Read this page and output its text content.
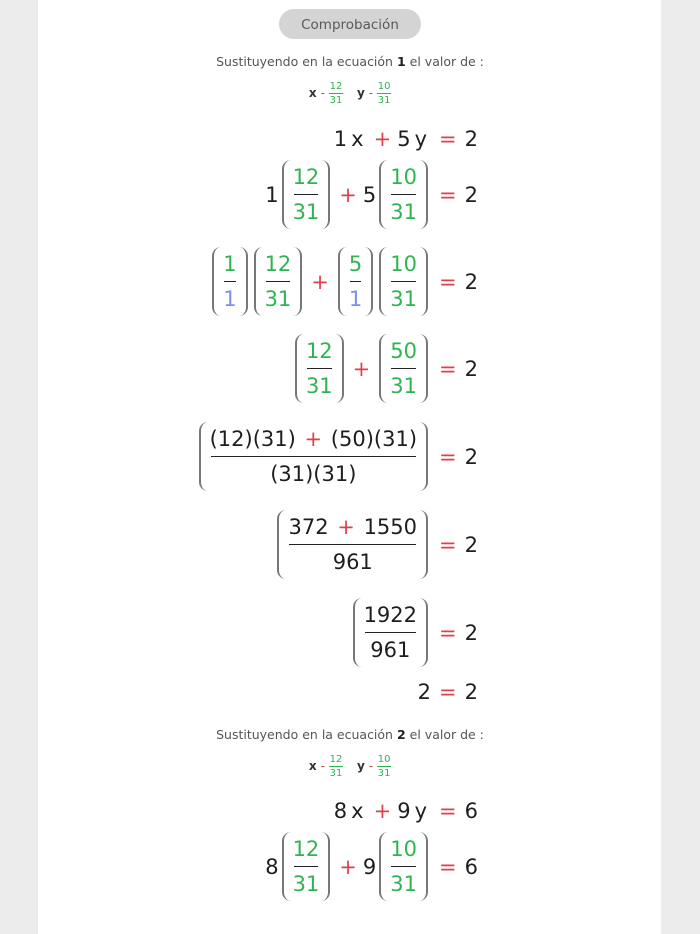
Comprobación
Sustituyendo en la ecuación 1 el valor de :
x - 12
31 y - 10
31
1 x + 5 y = 2
$1 \frac{12}{31} + 5 \frac{10}{31} = 2$
$\frac{1}{1} \frac{12}{31} + \frac{5}{1} \frac{10}{31} = 2$
$\frac{12}{31} + \frac{50}{31} = 2$
$\frac{(12)(31) + (50)(31)}{(31)(31)} = 2$
$\frac{372 + 1550}{961} = 2$
$\frac{1922}{961} = 2$
2 = 2
Sustituyendo en la ecuación 2 el valor de :
x - 12
31 y - 10
31
8 x + 9 y = 6
$8 \frac{12}{31} + 9 \frac{10}{31} = 6$
